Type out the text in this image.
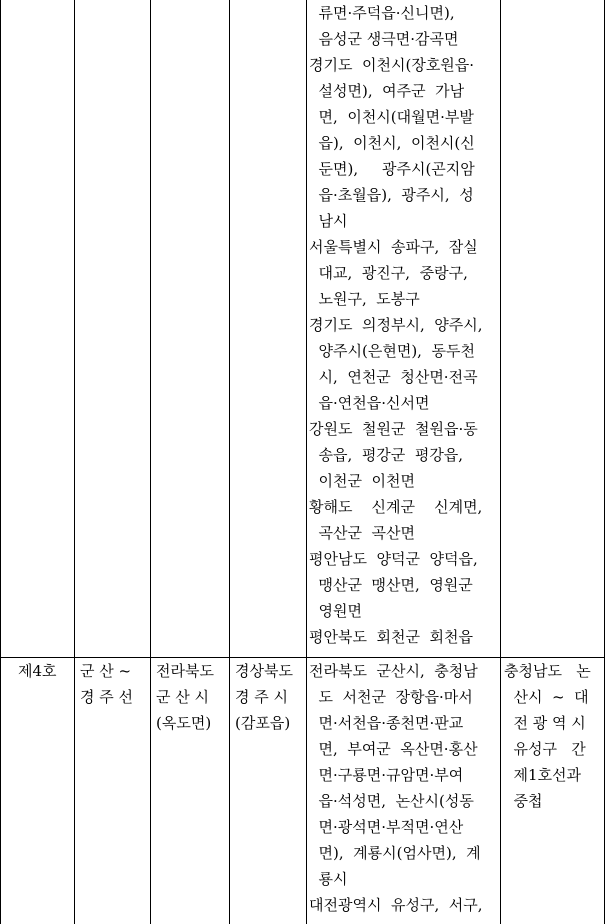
류면·주덕읍·신니면),
음성군 생극면·감곡면
경기도  이천시(장호원읍·
설성면),  여주군  가남
면,  이천시(대월면·부발
읍),  이천시,  이천시(신
둔면),     광주시(곤지암
읍·초월읍),  광주시,  성
남시
서울특별시  송파구,  잠실
대교,  광진구,  중랑구,
노원구,  도봉구
경기도  의정부시,  양주시,
양주시(은현면),  동두천
시,  연천군  청산면·전곡
읍·연천읍·신서면
강원도  철원군  철원읍·동
송읍,  평강군  평강읍,
이천군  이천면
황해도    신계군    신계면,
곡산군  곡산면
평안남도  양덕군  양덕읍,
맹산군  맹산면,  영원군
영원면
평안북도  회천군  회천읍
제4호 군 산 ~
경 주 선
전라북도
군 산 시
(옥도면)
경상북도
경 주 시
(감포읍)
전라북도  군산시,  충청남
도  서천군  장항읍·마서
면·서천읍·종천면·판교
면,  부여군  옥산면·홍산
면·구룡면·규암면·부여
읍·석성면,  논산시(성동
면·광석면·부적면·연산
면),  계룡시(엄사면),  계
룡시
대전광역시  유성구,  서구,
충청남도   논
산시  ~  대
전 광 역 시
유성구   간
제1호선과
중첩
